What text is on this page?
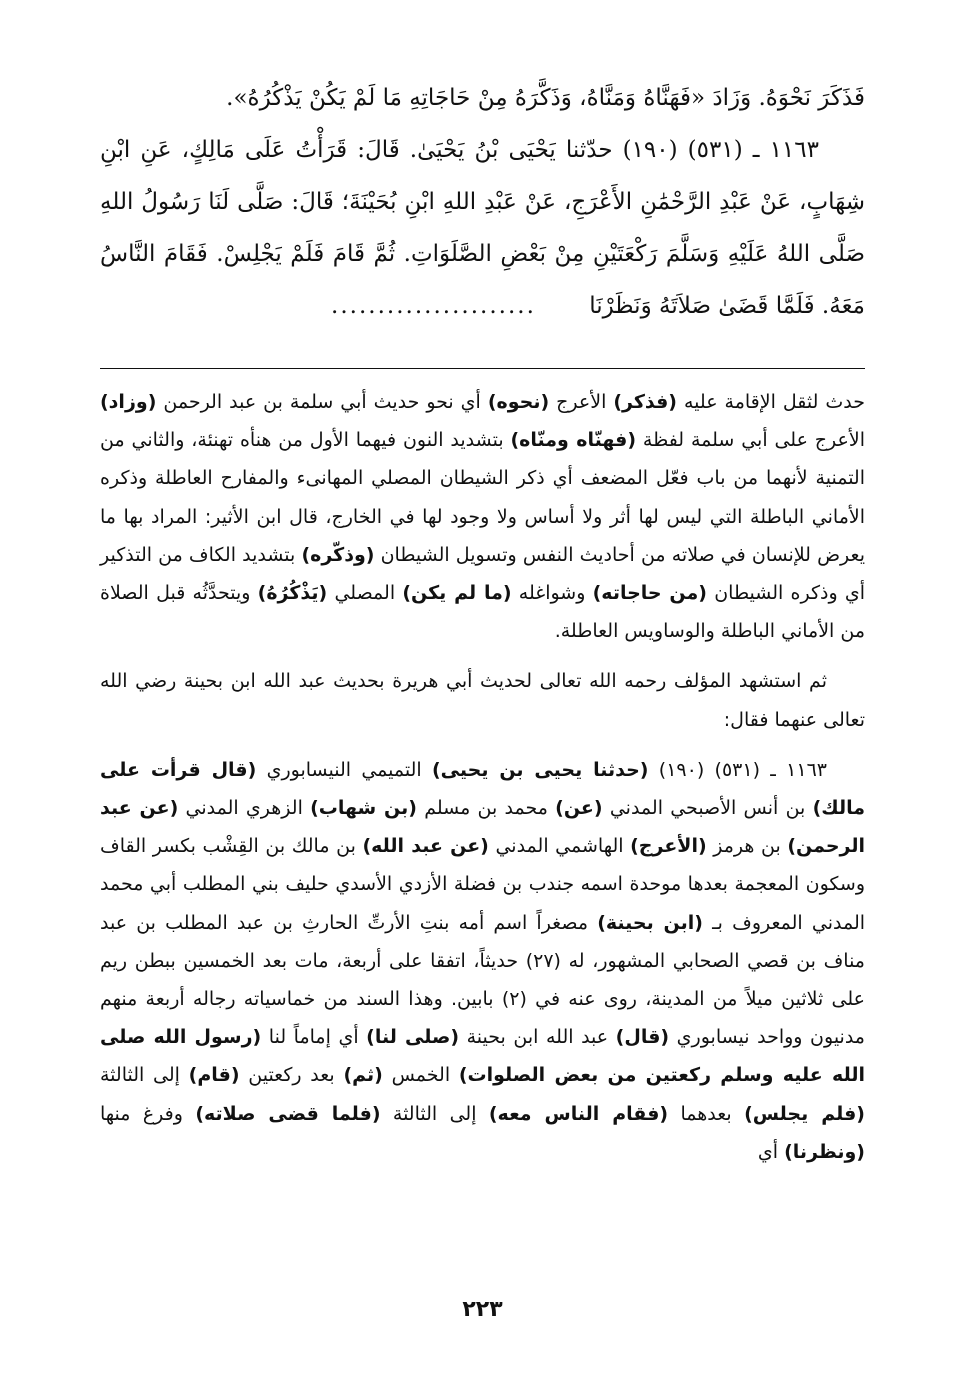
فَذَكَرَ نَحْوَهُ. وَزَادَ «فَهَنَّاهُ وَمَنَّاهُ، وَذَكَّرَهُ مِنْ حَاجَاتِهِ مَا لَمْ يَكُنْ يَذْكُرُهُ».
١١٦٣ ـ (٥٣١) (١٩٠) حدّثنا يَحْيَى بْنُ يَحْيَىٰ. قَالَ: قَرَأْتُ عَلَى مَالِكٍ، عَنِ ابْنِ شِهَابٍ، عَنْ عَبْدِ الرَّحْمَٰنِ الأَعْرَجِ، عَنْ عَبْدِ اللهِ ابْنِ بُحَيْنَةَ؛ قَالَ: صَلَّى لَنَا رَسُولُ اللهِ صَلَّى اللهُ عَلَيْهِ وَسَلَّمَ رَكْعَتَيْنِ مِنْ بَعْضِ الصَّلَوَاتِ. ثُمَّ قَامَ فَلَمْ يَجْلِسْ. فَقَامَ النَّاسُ مَعَهُ. فَلَمَّا قَضَىٰ صَلاَتَهُ وَنَظَرْنَا ......................

حدث لثقل الإقامة عليه (فذكر) الأعرج (نحوه) أي نحو حديث أبي سلمة بن عبد الرحمن (وزاد) الأعرج على أبي سلمة لفظة (فهنّاه ومنّاه) بتشديد النون فيهما الأول من هنأه تهنئة، والثاني من التمنية لأنهما من باب فعّل المضعف أي ذكر الشيطان المصلي المهانىء والمفارح العاطلة وذكره الأماني الباطلة التي ليس لها أثر ولا أساس ولا وجود لها في الخارج، قال ابن الأثير: المراد بها ما يعرض للإنسان في صلاته من أحاديث النفس وتسويل الشيطان (وذكّره) بتشديد الكاف من التذكير أي وذكره الشيطان (من حاجاته) وشواغله (ما لم يكن) المصلي (يَذْكُرُهُ) ويتحدَّثُه قبل الصلاة من الأماني الباطلة والوساويس العاطلة.

ثم استشهد المؤلف رحمه الله تعالى لحديث أبي هريرة بحديث عبد الله ابن بحينة رضي الله تعالى عنهما فقال:

١١٦٣ ـ (٥٣١) (١٩٠) (حدثنا يحيى بن يحيى) التميمي النيسابوري (قال قرأت على مالك) بن أنس الأصبحي المدني (عن) محمد بن مسلم (بن شهاب) الزهري المدني (عن عبد الرحمن) بن هرمز (الأعرج) الهاشمي المدني (عن عبد الله) بن مالك بن القِشْب بكسر القاف وسكون المعجمة بعدها موحدة اسمه جندب بن فضلة الأزدي الأسدي حليف بني المطلب أبي محمد المدني المعروف بـ (ابن بحينة) مصغراً اسم أمه بنتِ الأرتِّ الحارثِ بن عبد المطلب بن عبد مناف بن قصي الصحابي المشهور، له (٢٧) حديثاً، اتفقا على أربعة، مات بعد الخمسين ببطن ريم على ثلاثين ميلاً من المدينة، روى عنه في (٢) بابين. وهذا السند من خماسياته رجاله أربعة منهم مدنيون وواحد نيسابوري (قال) عبد الله ابن بحينة (صلى لنا) أي إماماً لنا (رسول الله صلى الله عليه وسلم ركعتين من بعض الصلوات) الخمس (ثم) بعد ركعتين (قام) إلى الثالثة (فلم يجلس) بعدهما (فقام الناس معه) إلى الثالثة (فلما قضى صلاته) وفرغ منها (ونظرنا) أي

٢٢٣
